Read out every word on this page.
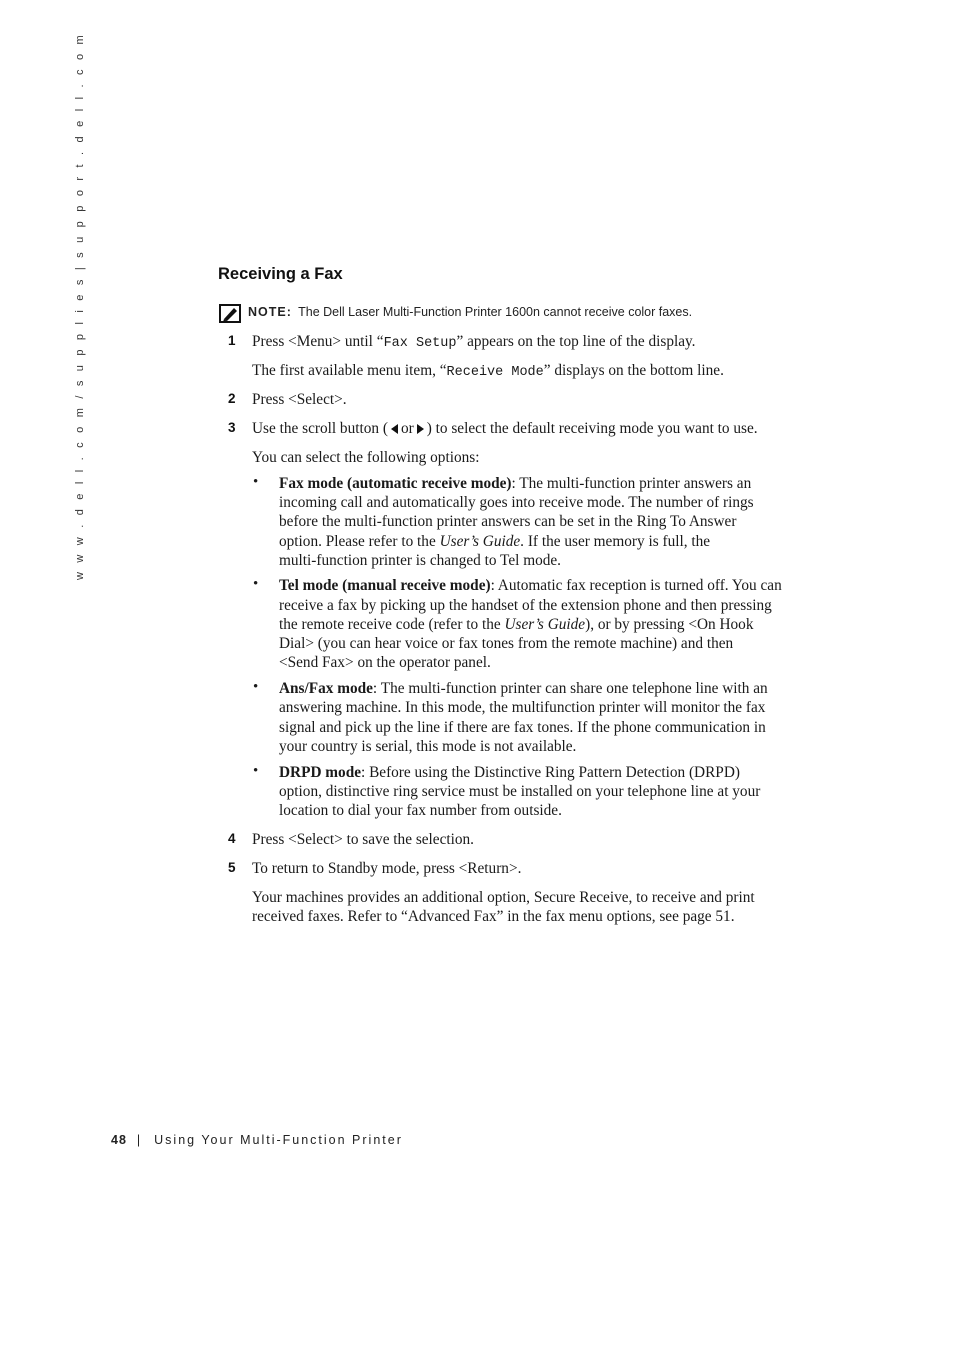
w w w . d e l l . c o m / s u p p l i e s | s u p p o r t . d e l l . c o m	Receiving a Fax
NOTE: The Dell Laser Multi-Function Printer 1600n cannot receive color faxes.
1 Press <Menu> until “Fax Setup” appears on the top line of the display.
The first available menu item, “Receive Mode” displays on the bottom line.
2 Press <Select>.
3 Use the scroll button ( or ) to select the default receiving mode you want to use.
You can select the following options:
• Fax mode (automatic receive mode): The multi-function printer answers an
incoming call and automatically goes into receive mode. The number of rings
before the multi-function printer answers can be set in the Ring To Answer
option. Please refer to the User’s Guide. If the user memory is full, the
multi-function printer is changed to Tel mode.
• Tel mode (manual receive mode): Automatic fax reception is turned off. You can
receive a fax by picking up the handset of the extension phone and then pressing
the remote receive code (refer to the User’s Guide), or by pressing <On Hook
Dial> (you can hear voice or fax tones from the remote machine) and then
<Send Fax> on the operator panel.
• Ans/Fax mode: The multi-function printer can share one telephone line with an
answering machine. In this mode, the multifunction printer will monitor the fax
signal and pick up the line if there are fax tones. If the phone communication in
your country is serial, this mode is not available.
• DRPD mode: Before using the Distinctive Ring Pattern Detection (DRPD)
option, distinctive ring service must be installed on your telephone line at your
location to dial your fax number from outside.
4 Press <Select> to save the selection.
5 To return to Standby mode, press <Return>.
Your machines provides an additional option, Secure Receive, to receive and print
received faxes. Refer to “Advanced Fax” in the fax menu options, see page 51.
48 | Using Your Multi-Function Printer
